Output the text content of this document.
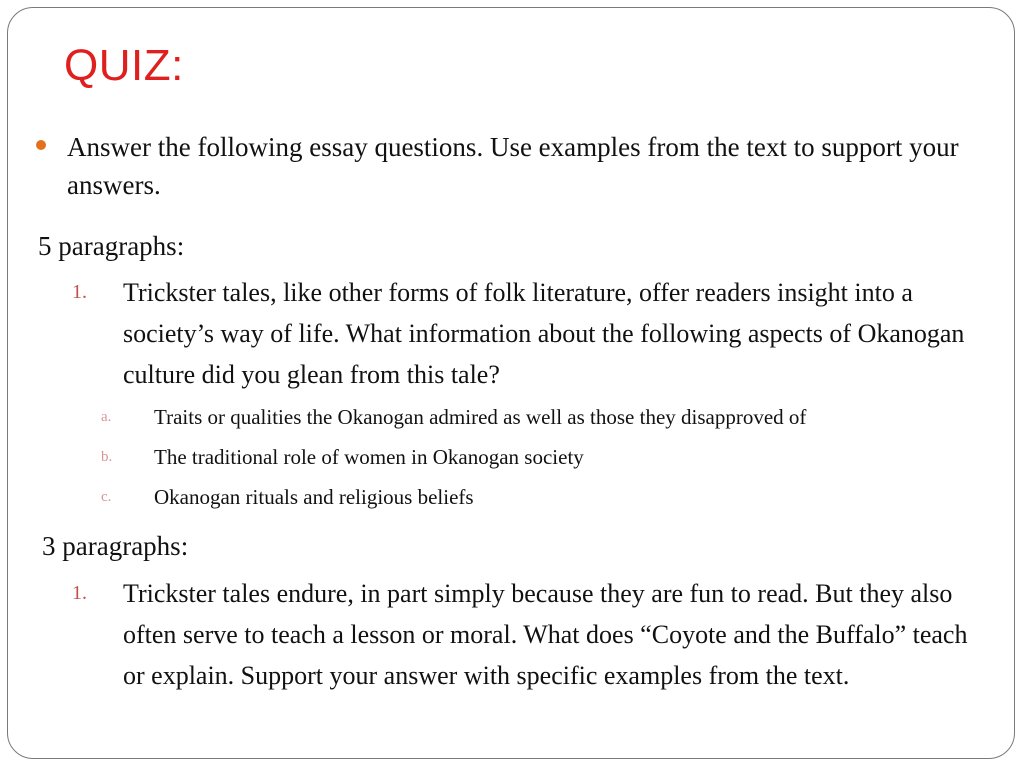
QUIZ:
Answer the following essay questions. Use examples from the text to support your answers.
5 paragraphs:
1. Trickster tales, like other forms of folk literature, offer readers insight into a society’s way of life. What information about the following aspects of Okanogan culture did you glean from this tale?
a. Traits or qualities the Okanogan admired as well as those they disapproved of
b. The traditional role of women in Okanogan society
c. Okanogan rituals and religious beliefs
3 paragraphs:
1. Trickster tales endure, in part simply because they are fun to read. But they also often serve to teach a lesson or moral. What does “Coyote and the Buffalo” teach or explain. Support your answer with specific examples from the text.
